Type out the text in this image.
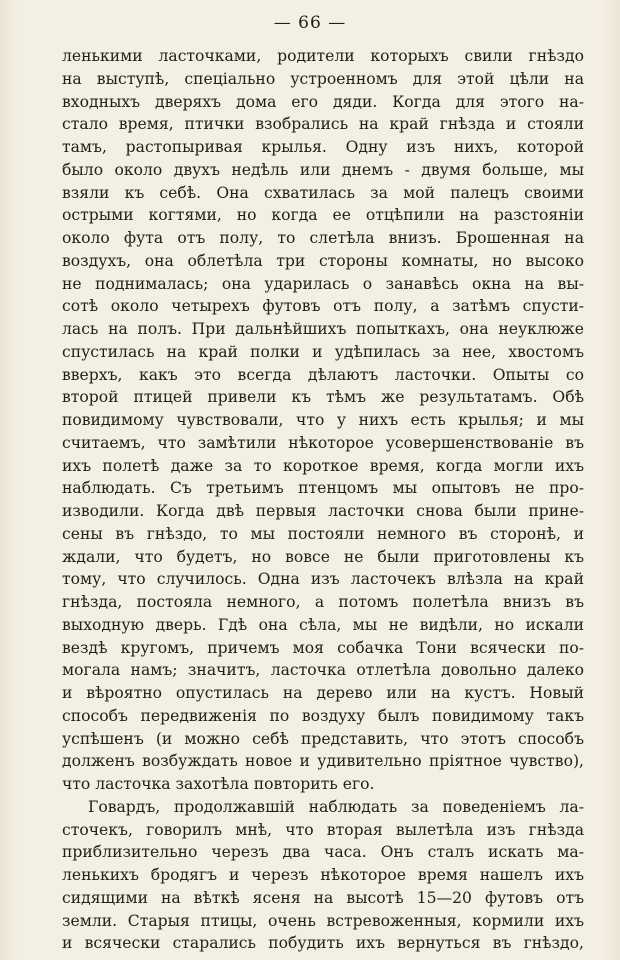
— 66 —
ленькими ласточками, родители которыхъ свили гнѣздо
на выступѣ, спеціально устроенномъ для этой цѣли на
входныхъ дверяхъ дома его дяди. Когда для этого на-
стало время, птички взобрались на край гнѣзда и стояли
тамъ, растопыривая крылья. Одну изъ нихъ, которой
было около двухъ недѣль или днемъ - двумя больше, мы
взяли къ себѣ. Она схватилась за мой палецъ своими
острыми когтями, но когда ее отцѣпили на разстояніи
около фута отъ полу, то слетѣла внизъ. Брошенная на
воздухъ, она облетѣла три стороны комнаты, но высоко
не поднималась; она ударилась о занавѣсь окна на вы-
сотѣ около четырехъ футовъ отъ полу, а затѣмъ спусти-
лась на полъ. При дальнѣйшихъ попыткахъ, она неуклюже
спустилась на край полки и удѣпилась за нее, хвостомъ
вверхъ, какъ это всегда дѣлаютъ ласточки. Опыты со
второй птицей привели къ тѣмъ же результатамъ. Обѣ
повидимому чувствовали, что у нихъ есть крылья; и мы
считаемъ, что замѣтили нѣкоторое усовершенствованіе въ
ихъ полетѣ даже за то короткое время, когда могли ихъ
наблюдать. Съ третьимъ птенцомъ мы опытовъ не про-
изводили. Когда двѣ первыя ласточки снова были прине-
сены въ гнѣздо, то мы постояли немного въ сторонѣ, и
ждали, что будетъ, но вовсе не были приготовлены къ
тому, что случилось. Одна изъ ласточекъ влѣзла на край
гнѣзда, постояла немного, а потомъ полетѣла внизъ въ
выходную дверь. Гдѣ она сѣла, мы не видѣли, но искали
вездѣ кругомъ, причемъ моя собачка Тони всячески по-
могала намъ; значитъ, ласточка отлетѣла довольно далеко
и вѣроятно опустилась на дерево или на кустъ. Новый
способъ передвиженія по воздуху былъ повидимому такъ
успѣшенъ (и можно себѣ представить, что этотъ способъ
долженъ возбуждать новое и удивительно пріятное чувство),
что ласточка захотѣла повторить его.
Говардъ, продолжавшій наблюдать за поведеніемъ ла-
сточекъ, говорилъ мнѣ, что вторая вылетѣла изъ гнѣзда
приблизительно черезъ два часа. Онъ сталъ искать ма-
ленькихъ бродягъ и черезъ нѣкоторое время нашелъ ихъ
сидящими на вѣткѣ ясеня на высотѣ 15—20 футовъ отъ
земли. Старыя птицы, очень встревоженныя, кормили ихъ
и всячески старались побудить ихъ вернуться въ гнѣздо,
